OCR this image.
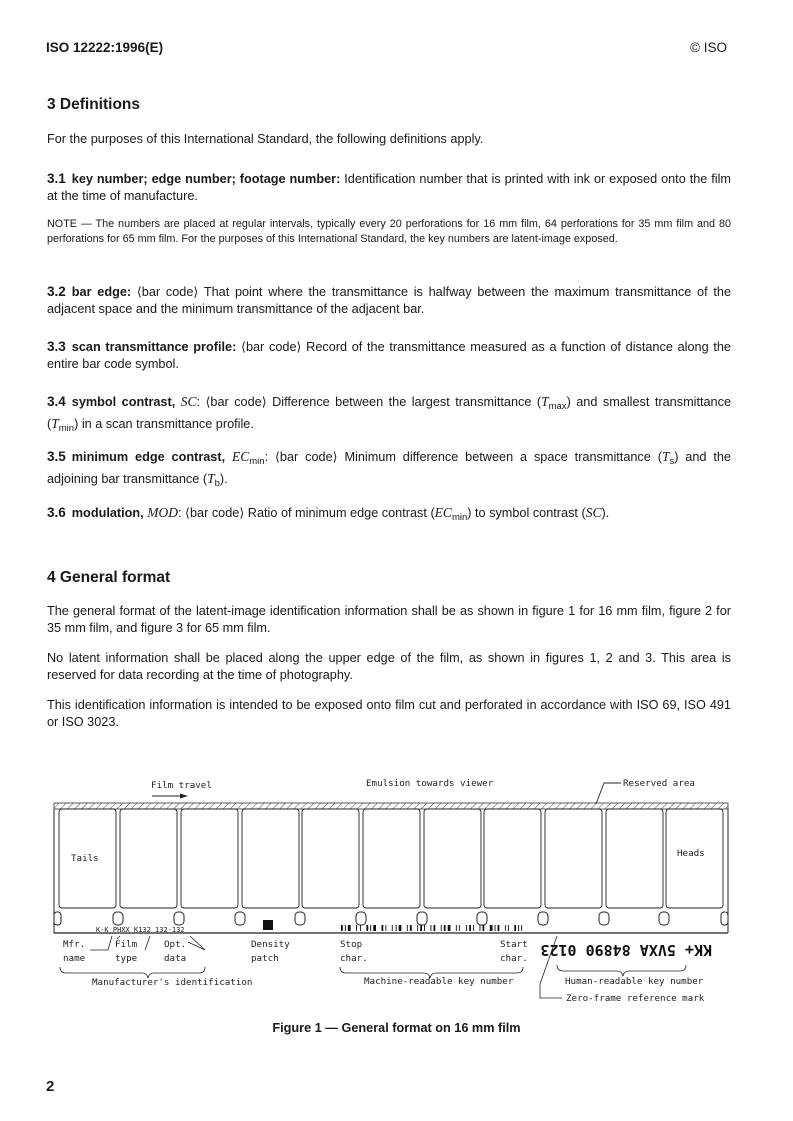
ISO 12222:1996(E)	© ISO
3 Definitions
For the purposes of this International Standard, the following definitions apply.
3.1 key number; edge number; footage number: Identification number that is printed with ink or exposed onto the film at the time of manufacture.
NOTE — The numbers are placed at regular intervals, typically every 20 perforations for 16 mm film, 64 perforations for 35 mm film and 80 perforations for 65 mm film. For the purposes of this International Standard, the key numbers are latent-image exposed.
3.2 bar edge: ⟨bar code⟩ That point where the transmittance is halfway between the maximum transmittance of the adjacent space and the minimum transmittance of the adjacent bar.
3.3 scan transmittance profile: ⟨bar code⟩ Record of the transmittance measured as a function of distance along the entire bar code symbol.
3.4 symbol contrast, SC: ⟨bar code⟩ Difference between the largest transmittance $(T_{max})$ and smallest transmittance $(T_{min})$ in a scan transmittance profile.
3.5 minimum edge contrast, $EC_{min}$: ⟨bar code⟩ Minimum difference between a space transmittance $(T_s)$ and the adjoining bar transmittance $(T_b)$.
3.6 modulation, MOD: ⟨bar code⟩ Ratio of minimum edge contrast $(EC_{min})$ to symbol contrast (SC).
4 General format
The general format of the latent-image identification information shall be as shown in figure 1 for 16 mm film, figure 2 for 35 mm film, and figure 3 for 65 mm film.
No latent information shall be placed along the upper edge of the film, as shown in figures 1, 2 and 3. This area is reserved for data recording at the time of photography.
This identification information is intended to be exposed onto film cut and perforated in accordance with ISO 69, ISO 491 or ISO 3023.
Film travel	Emulsion towards viewer	Reserved area
Tails	Heads
K-K PHXX K132 132-132
KK+ 5VXA 84890 0123
Mfr.
name
Film
type
Opt.
data
Density
patch
Stop
char.
Start
char.
Manufacturer's identification	Machine-readable key number	Human-readable key number
Zero-frame reference mark
Figure 1 — General format on 16 mm film
2
